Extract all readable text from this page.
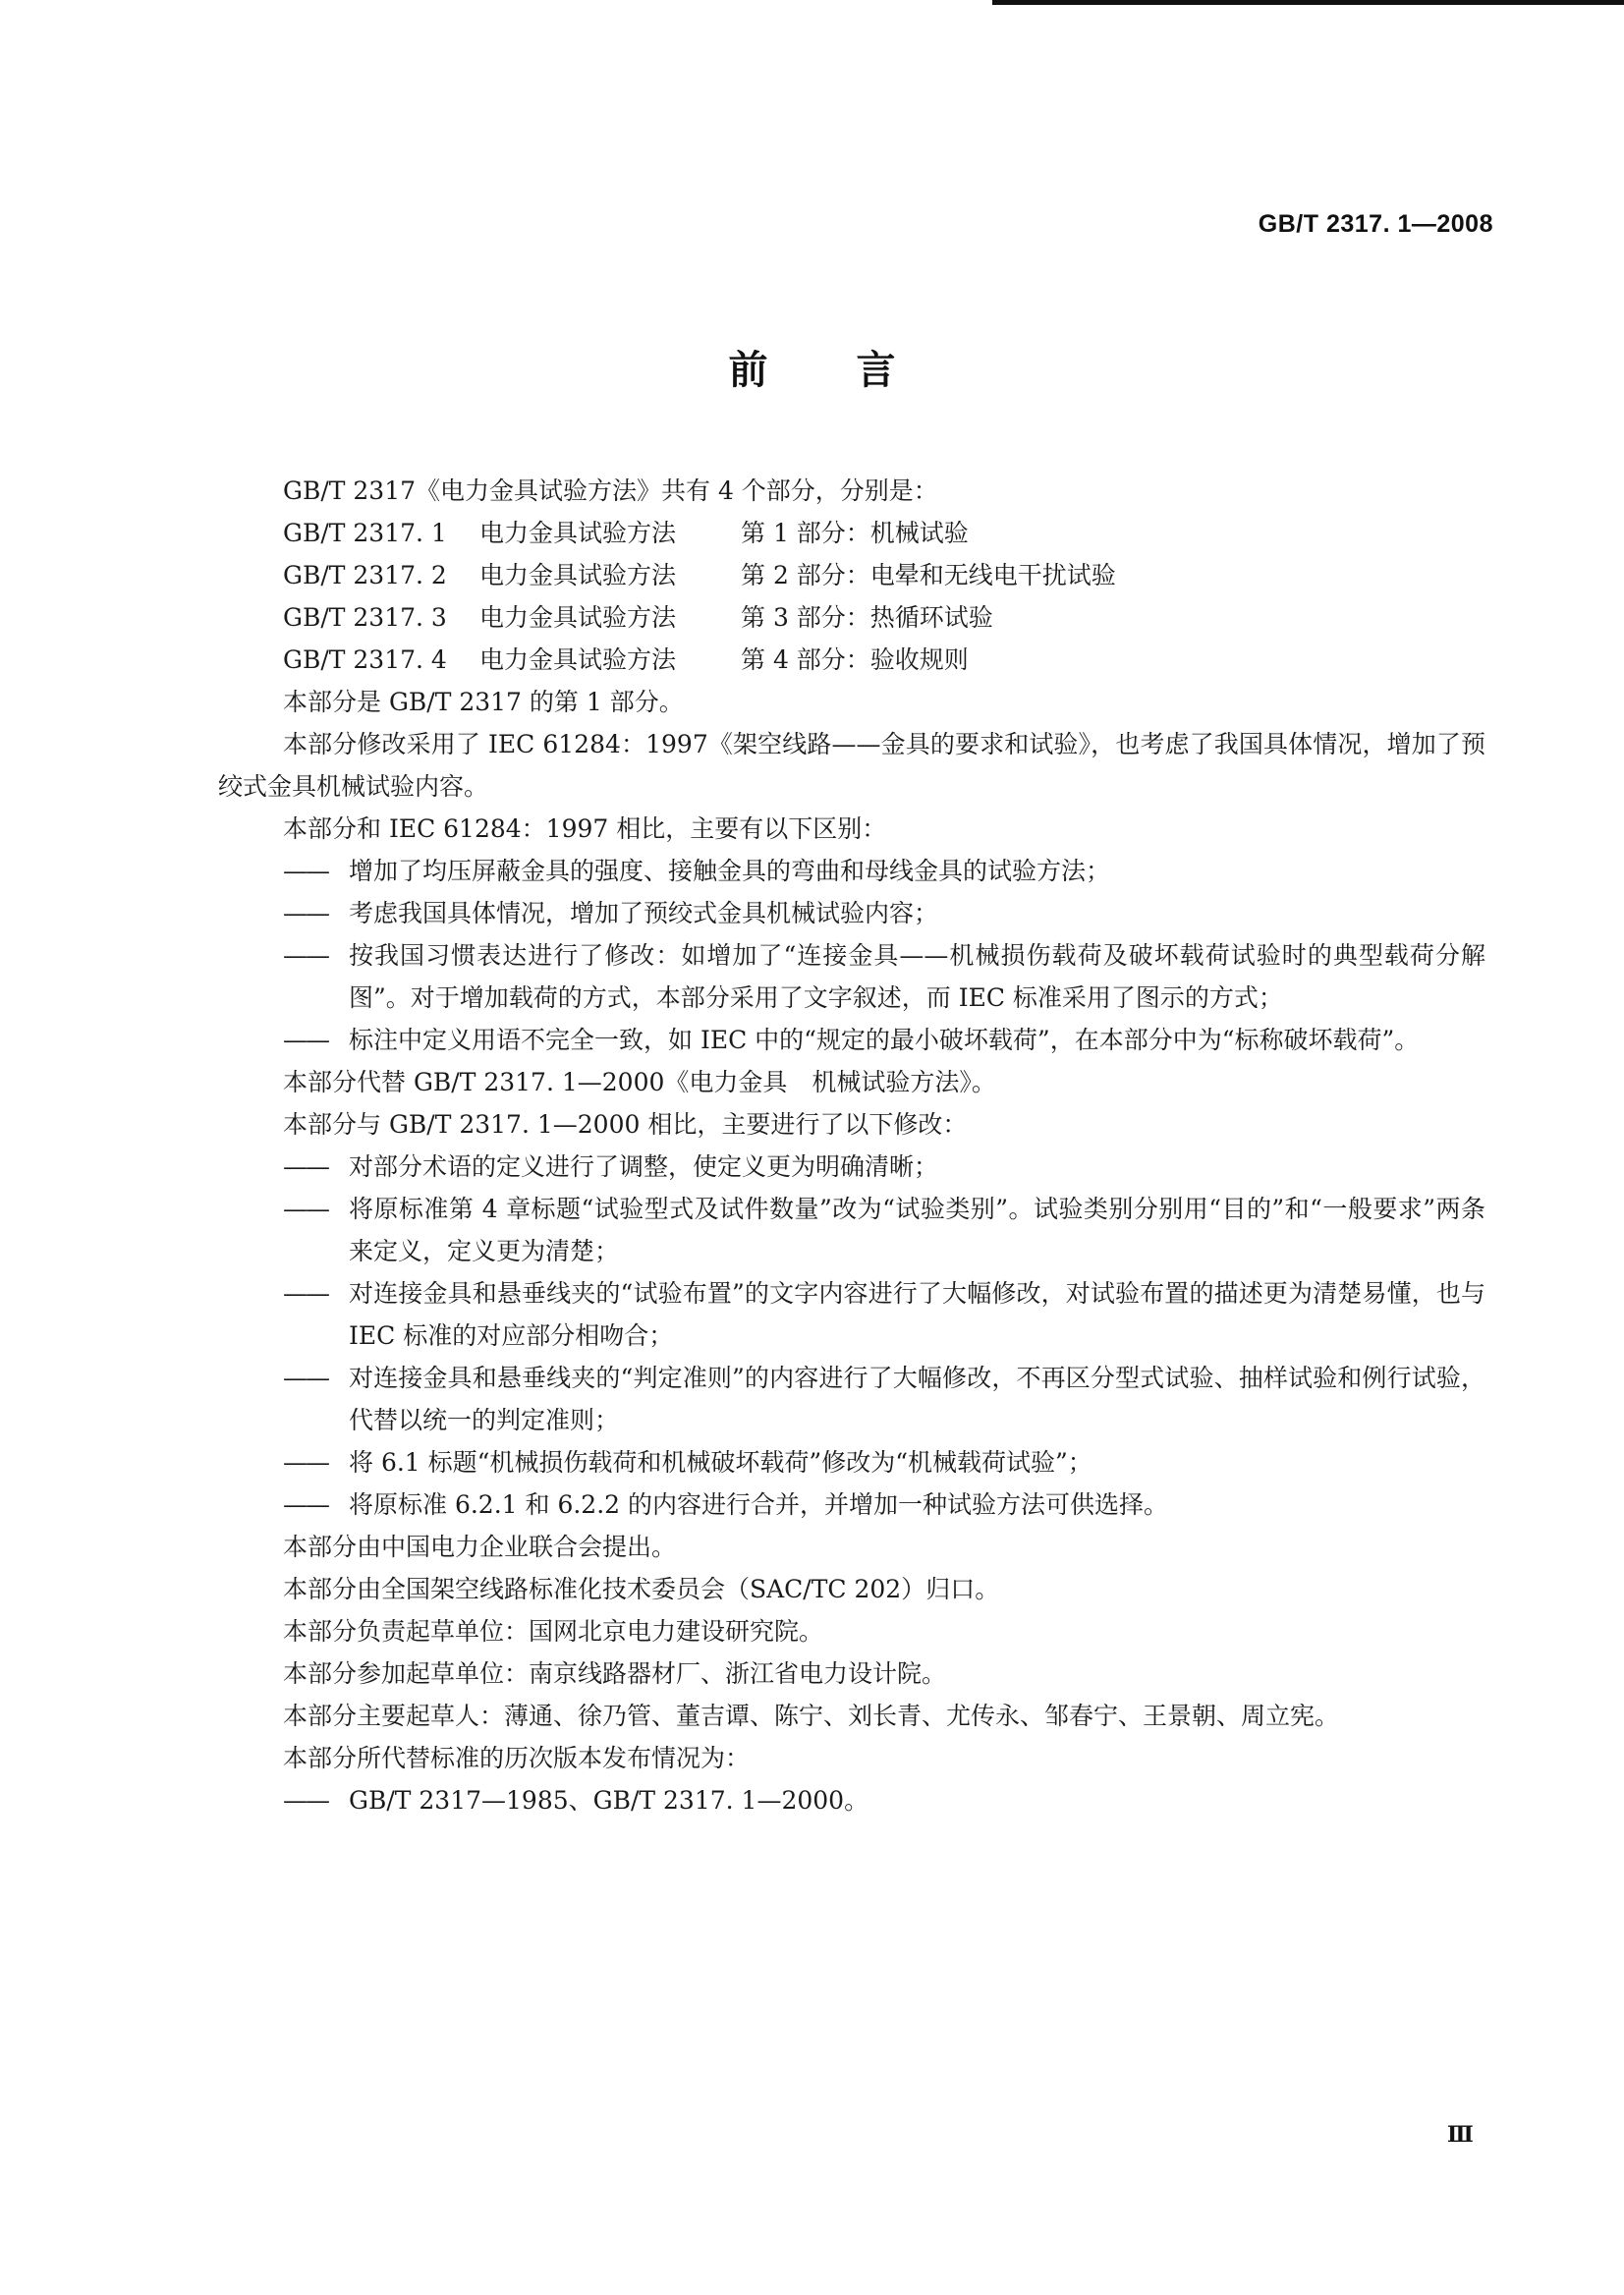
GB/T 2317. 1—2008
前言

GB/T 2317《电力金具试验方法》共有 4 个部分，分别是：

GB/T 2317. 1 电力金具试验方法	第 1 部分：机械试验
GB/T 2317. 2 电力金具试验方法	第 2 部分：电晕和无线电干扰试验
GB/T 2317. 3 电力金具试验方法	第 3 部分：热循环试验
GB/T 2317. 4 电力金具试验方法	第 4 部分：验收规则

本部分是 GB/T 2317 的第 1 部分。

本部分修改采用了 IEC 61284：1997《架空线路——金具的要求和试验》，也考虑了我国具体情况，增加了预绞式金具机械试验内容。

本部分和 IEC 61284：1997 相比，主要有以下区别：

—— 增加了均压屏蔽金具的强度、接触金具的弯曲和母线金具的试验方法；
—— 考虑我国具体情况，增加了预绞式金具机械试验内容；
—— 按我国习惯表达进行了修改：如增加了“连接金具——机械损伤载荷及破坏载荷试验时的典型载荷分解图”。对于增加载荷的方式，本部分采用了文字叙述，而 IEC 标准采用了图示的方式；
—— 标注中定义用语不完全一致，如 IEC 中的“规定的最小破坏载荷”，在本部分中为“标称破坏载荷”。

本部分代替 GB/T 2317. 1—2000《电力金具　机械试验方法》。

本部分与 GB/T 2317. 1—2000 相比，主要进行了以下修改：

—— 对部分术语的定义进行了调整，使定义更为明确清晰；
—— 将原标准第 4 章标题“试验型式及试件数量”改为“试验类别”。试验类别分别用“目的”和“一般要求”两条来定义，定义更为清楚；
—— 对连接金具和悬垂线夹的“试验布置”的文字内容进行了大幅修改，对试验布置的描述更为清楚易懂，也与 IEC 标准的对应部分相吻合；
—— 对连接金具和悬垂线夹的“判定准则”的内容进行了大幅修改，不再区分型式试验、抽样试验和例行试验，代替以统一的判定准则；
—— 将 6.1 标题“机械损伤载荷和机械破坏载荷”修改为“机械载荷试验”；
—— 将原标准 6.2.1 和 6.2.2 的内容进行合并，并增加一种试验方法可供选择。

本部分由中国电力企业联合会提出。

本部分由全国架空线路标准化技术委员会（SAC/TC 202）归口。

本部分负责起草单位：国网北京电力建设研究院。

本部分参加起草单位：南京线路器材厂、浙江省电力设计院。

本部分主要起草人：薄通、徐乃管、董吉谭、陈宁、刘长青、尤传永、邹春宁、王景朝、周立宪。

本部分所代替标准的历次版本发布情况为：

—— GB/T 2317—1985、GB/T 2317. 1—2000。
Ⅲ
